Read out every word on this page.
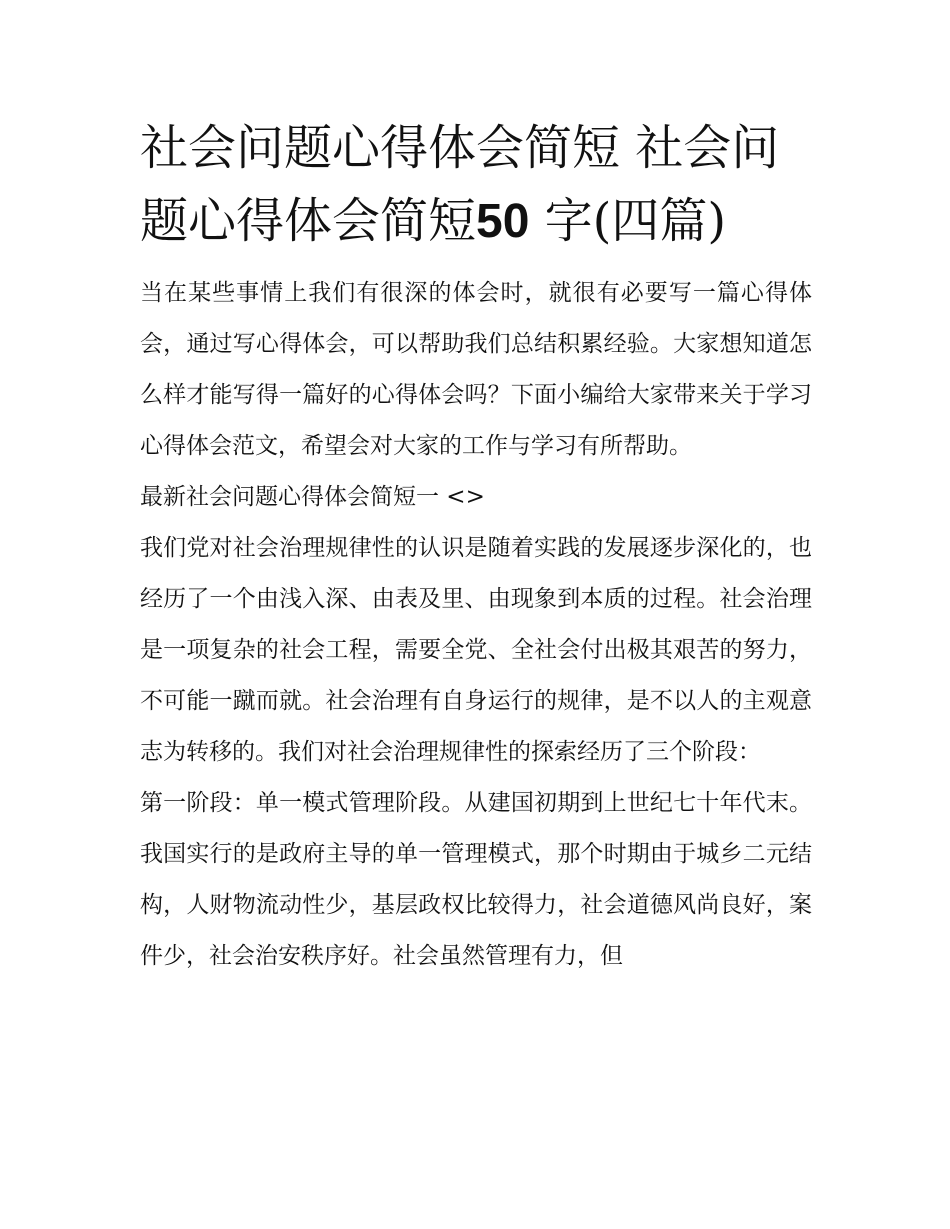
社会问题心得体会简短 社会问题心得体会简短50 字(四篇)

当在某些事情上我们有很深的体会时，就很有必要写一篇心得体会，通过写心得体会，可以帮助我们总结积累经验。大家想知道怎么样才能写得一篇好的心得体会吗？下面小编给大家带来关于学习心得体会范文，希望会对大家的工作与学习有所帮助。

最新社会问题心得体会简短一 <>

我们党对社会治理规律性的认识是随着实践的发展逐步深化的，也经历了一个由浅入深、由表及里、由现象到本质的过程。社会治理是一项复杂的社会工程，需要全党、全社会付出极其艰苦的努力，不可能一蹴而就。社会治理有自身运行的规律，是不以人的主观意志为转移的。我们对社会治理规律性的探索经历了三个阶段：

第一阶段：单一模式管理阶段。从建国初期到上世纪七十年代末。我国实行的是政府主导的单一管理模式，那个时期由于城乡二元结构，人财物流动性少，基层政权比较得力，社会道德风尚良好，案件少，社会治安秩序好。社会虽然管理有力，但
